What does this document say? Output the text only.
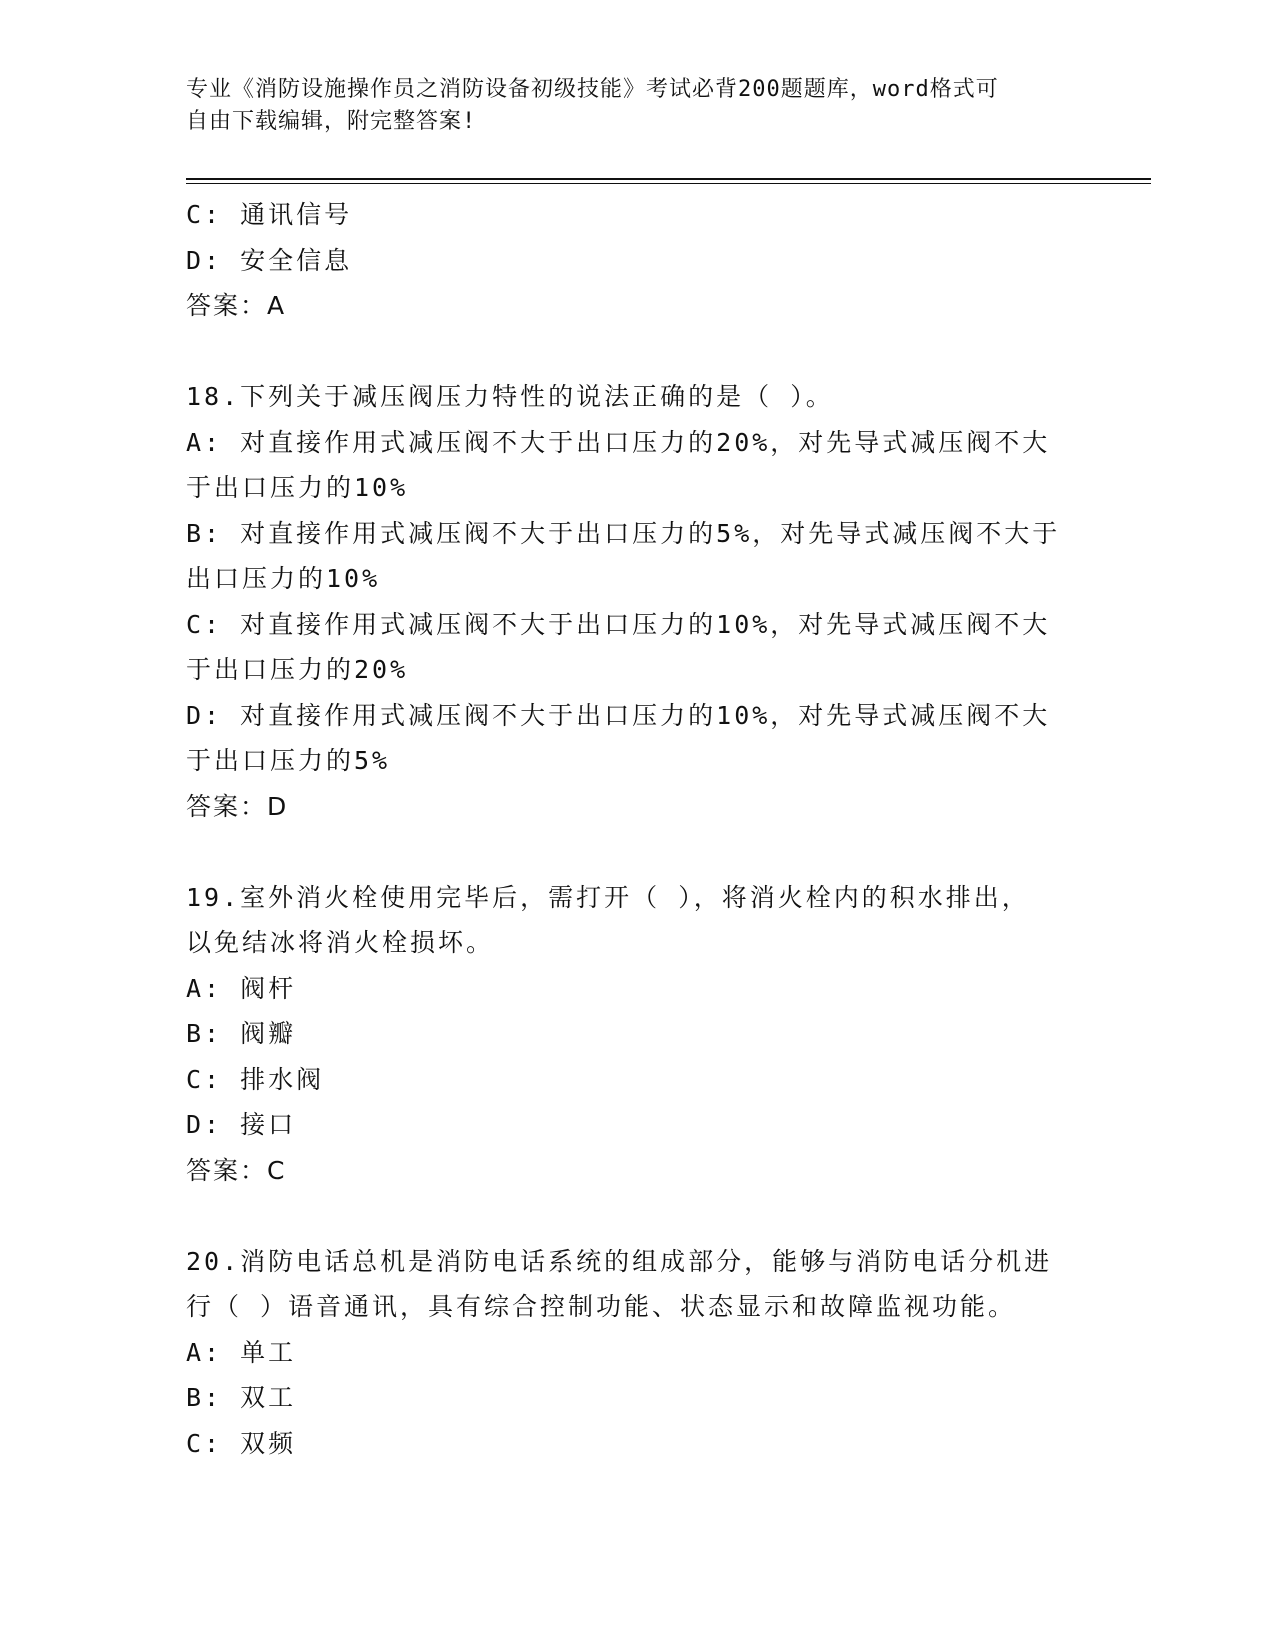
专业《消防设施操作员之消防设备初级技能》考试必背200题题库，word格式可
自由下载编辑，附完整答案!
C: 通讯信号
D: 安全信息
答案：A
18.下列关于减压阀压力特性的说法正确的是（ ）。
A: 对直接作用式减压阀不大于出口压力的20%，对先导式减压阀不大
于出口压力的10%
B: 对直接作用式减压阀不大于出口压力的5%，对先导式减压阀不大于
出口压力的10%
C: 对直接作用式减压阀不大于出口压力的10%，对先导式减压阀不大
于出口压力的20%
D: 对直接作用式减压阀不大于出口压力的10%，对先导式减压阀不大
于出口压力的5%
答案：D
19.室外消火栓使用完毕后，需打开（ ），将消火栓内的积水排出，
以免结冰将消火栓损坏。
A: 阀杆
B: 阀瓣
C: 排水阀
D: 接口
答案：C
20.消防电话总机是消防电话系统的组成部分，能够与消防电话分机进
行（ ）语音通讯，具有综合控制功能、状态显示和故障监视功能。
A: 单工
B: 双工
C: 双频
